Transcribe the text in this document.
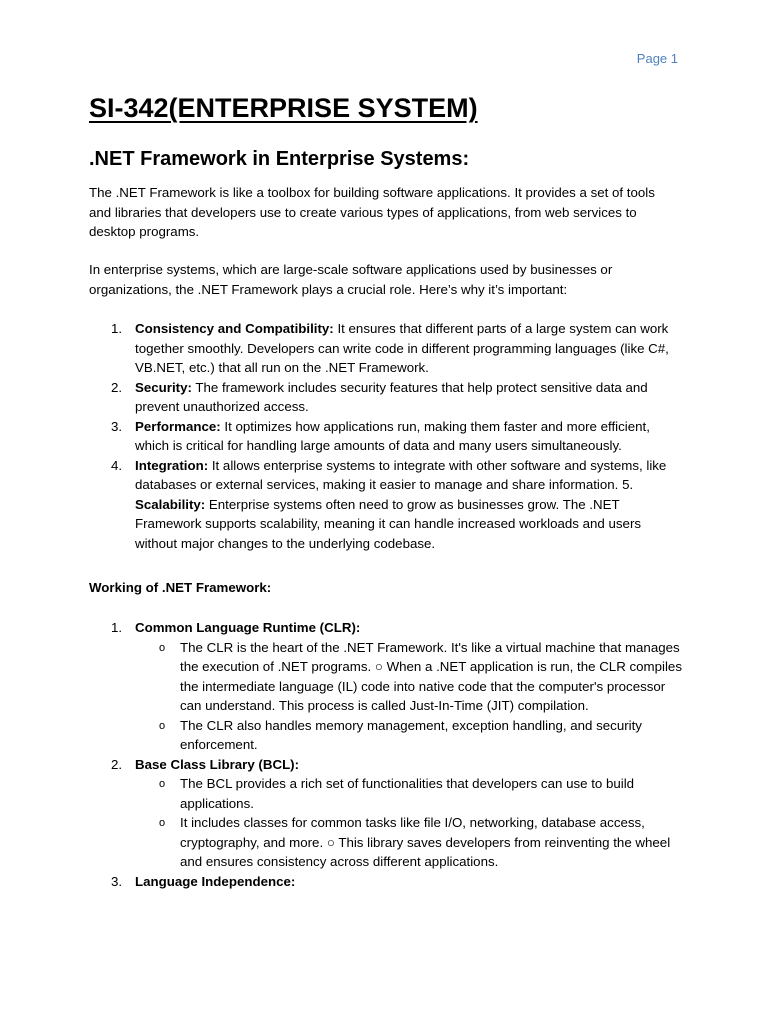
Page 1
SI-342(ENTERPRISE SYSTEM)
.NET Framework in Enterprise Systems:

The .NET Framework is like a toolbox for building software applications. It provides a set of tools and libraries that developers use to create various types of applications, from web services to desktop programs.

In enterprise systems, which are large-scale software applications used by businesses or organizations, the .NET Framework plays a crucial role. Here’s why it’s important:

1. Consistency and Compatibility: It ensures that different parts of a large system can work together smoothly. Developers can write code in different programming languages (like C#, VB.NET, etc.) that all run on the .NET Framework.
2. Security: The framework includes security features that help protect sensitive data and prevent unauthorized access.
3. Performance: It optimizes how applications run, making them faster and more efficient, which is critical for handling large amounts of data and many users simultaneously.
4. Integration: It allows enterprise systems to integrate with other software and systems, like databases or external services, making it easier to manage and share information. 5. Scalability: Enterprise systems often need to grow as businesses grow. The .NET Framework supports scalability, meaning it can handle increased workloads and users without major changes to the underlying codebase.

Working of .NET Framework:

1. Common Language Runtime (CLR):
o The CLR is the heart of the .NET Framework. It's like a virtual machine that manages the execution of .NET programs. ○ When a .NET application is run, the CLR compiles the intermediate language (IL) code into native code that the computer's processor can understand. This process is called Just-In-Time (JIT) compilation.
o The CLR also handles memory management, exception handling, and security enforcement.
2. Base Class Library (BCL):
o The BCL provides a rich set of functionalities that developers can use to build applications.
o It includes classes for common tasks like file I/O, networking, database access, cryptography, and more. ○ This library saves developers from reinventing the wheel and ensures consistency across different applications.
3. Language Independence:
